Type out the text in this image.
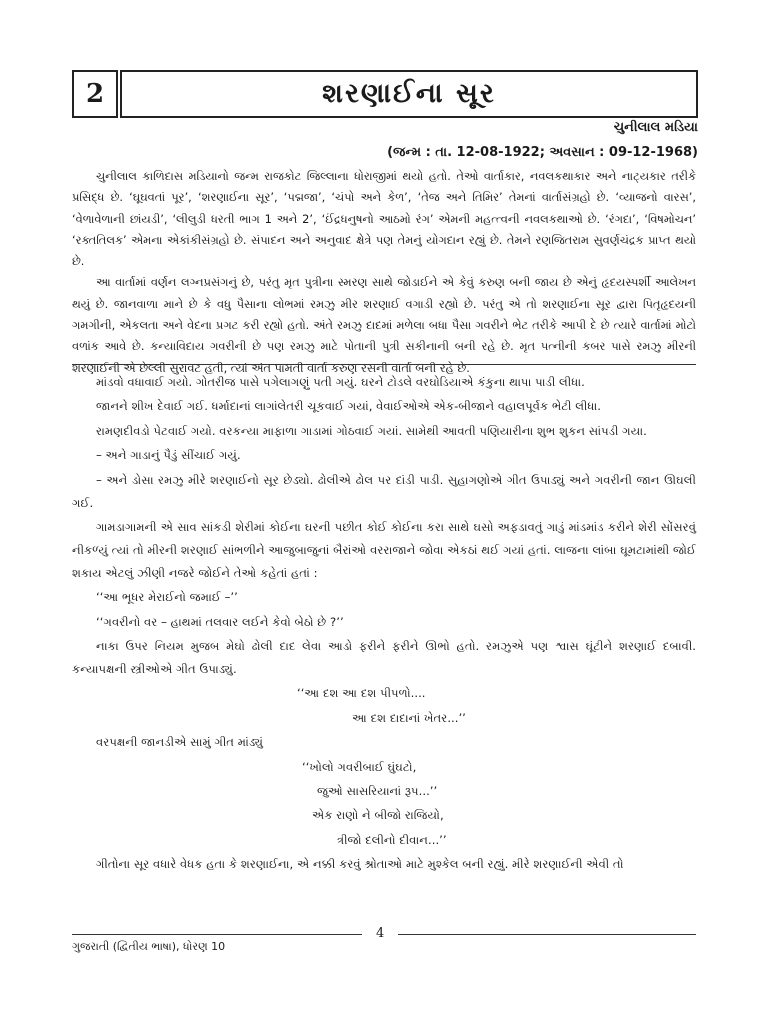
2	શરણાઈના સૂર
ચુનીલાલ મડિયા
(જન્મ : તા. 12-08-1922; અવસાન : 09-12-1968)

ચુનીલાલ કાળિદાસ મડિયાનો જન્મ રાજકોટ જિલ્લાના ધોરાજીમાં થયો હતો. તેઓ વાર્તાકાર, નવલકથાકાર અને નાટ્યકાર તરીકે પ્રસિદ્ધ છે. ‘ઘૂઘવતાં પૂર’, ‘શરણાઈના સૂર’, ‘પદ્મજા’, ‘ચંપો અને કેળ’, ‘તેજ અને તિમિર’ તેમનાં વાર્તાસંગ્રહો છે. ‘વ્યાજનો વારસ’, ‘વેળાવેળાની છાંયડી’, ‘લીલુડી ધરતી ભાગ 1 અને 2’, ‘ઈંદ્રધનુષનો આઠમો રંગ’ એમની મહત્ત્વની નવલકથાઓ છે. ‘રંગદા’, ‘વિષમોચન’ ‘રક્તતિલક’ એમના એકાંકીસંગ્રહો છે. સંપાદન અને અનુવાદ ક્ષેત્રે પણ તેમનું યોગદાન રહ્યું છે. તેમને રણજિતરામ સુવર્ણચંદ્રક પ્રાપ્ત થયો છે.

આ વાર્તામાં વર્ણન લગ્નપ્રસંગનું છે, પરંતુ મૃત પુત્રીના સ્મરણ સાથે જોડાઈને એ કેવું કરુણ બની જાય છે એનું હૃદયસ્પર્શી આલેખન થયું છે. જાનવાળા માને છે કે વધુ પૈસાના લોભમાં રમઝુ મીર શરણાઈ વગાડી રહ્યો છે. પરંતુ એ તો શરણાઈના સૂર દ્વારા પિતૃહૃદયની ગમગીની, એકલતા અને વેદના પ્રગટ કરી રહ્યો હતો. અંતે રમઝુ દાદમાં મળેલા બધા પૈસા ગવરીને ભેટ તરીકે આપી દે છે ત્યારે વાર્તામાં મોટો વળાંક આવે છે. કન્યાવિદાય ગવરીની છે પણ રમઝુ માટે પોતાની પુત્રી સકીનાની બની રહે છે. મૃત પત્નીની કબર પાસે રમઝુ મીરની શરણાઈની એ છેલ્લી સુરાવટ હતી, ત્યાં અંત પામતી વાર્તા કરુણ રસની વાર્તા બની રહે છે.

માંડવો વધાવાઈ ગયો. ગોતરીજ પાસે પગેલાગણું પતી ગયું. ઘરને ટોડલે વરઘોડિયાએ કંકુના થાપા પાડી લીધા.

જાનને શીખ દેવાઈ ગઈ. ધર્માદાનાં લાગાંલેતરી ચૂકવાઈ ગયાં, વેવાઈઓએ એક-બીજાને વહાલપૂર્વક ભેટી લીધા.

રામણદીવડો પેટવાઈ ગયો. વરકન્યા માફાળા ગાડામાં ગોઠવાઈ ગયાં. સામેથી આવતી પણિયારીના શુભ શુકન સાંપડી ગયા.

– અને ગાડાનું પૈડું સીંચાઈ ગયું.

– અને ડોસા રમઝુ મીરે શરણાઈનો સૂર છેડ્યો. ઢોલીએ ઢોલ પર દાંડી પાડી. સુહાગણોએ ગીત ઉપાડ્યું અને ગવરીની જાન ઊઘલી ગઈ.

ગામડાગામની એ સાવ સાંકડી શેરીમાં કોઈના ઘરની પછીત કોઈ કોઈના કરા સાથે ઘસો અફડાવતું ગાડું માંડમાંડ કરીને શેરી સોંસરવું નીકળ્યું ત્યાં તો મીરની શરણાઈ સાંભળીને આજુબાજુનાં બૈરાંઓ વરરાજાને જોવા એકઠાં થઈ ગયાં હતાં. લાજના લાંબા ઘૂમટામાંથી જોઈ શકાય એટલું ઝીણી નજરે જોઈને તેઓ કહેતાં હતાં :

‘‘આ ભૂધર મેરાઈનો જમાઈ –’’

‘‘ગવરીનો વર – હાથમાં તલવાર લઈને કેવો બેઠો છે ?’’

નાકા ઉપર નિયમ મુજબ મેઘો ઢોલી દાદ લેવા આડો ફરીને ફરીને ઊભો હતો. રમઝુએ પણ શ્વાસ ઘૂંટીને શરણાઈ દબાવી. કન્યાપક્ષની સ્ત્રીઓએ ગીત ઉપાડ્યું.

‘‘આ દશ આ દશ પીપળો....

આ દશ દાદાનાં ખેતર...’’

વરપક્ષની જાનડીએ સામું ગીત માંડ્યું

‘‘ખોલો ગવરીબાઈ ઘુંઘટો,

જુઓ સાસરિયાનાં રૂપ...’’

એક રાણો ને બીજો રાજિયો,

ત્રીજો દલીનો દીવાન...’’

ગીતોના સૂર વધારે વેધક હતા કે શરણાઈના, એ નક્કી કરવું શ્રોતાઓ માટે મુશ્કેલ બની રહ્યું. મીરે શરણાઈની એવી તો

4
ગુજરાતી (દ્વિતીય ભાષા), ધોરણ 10
